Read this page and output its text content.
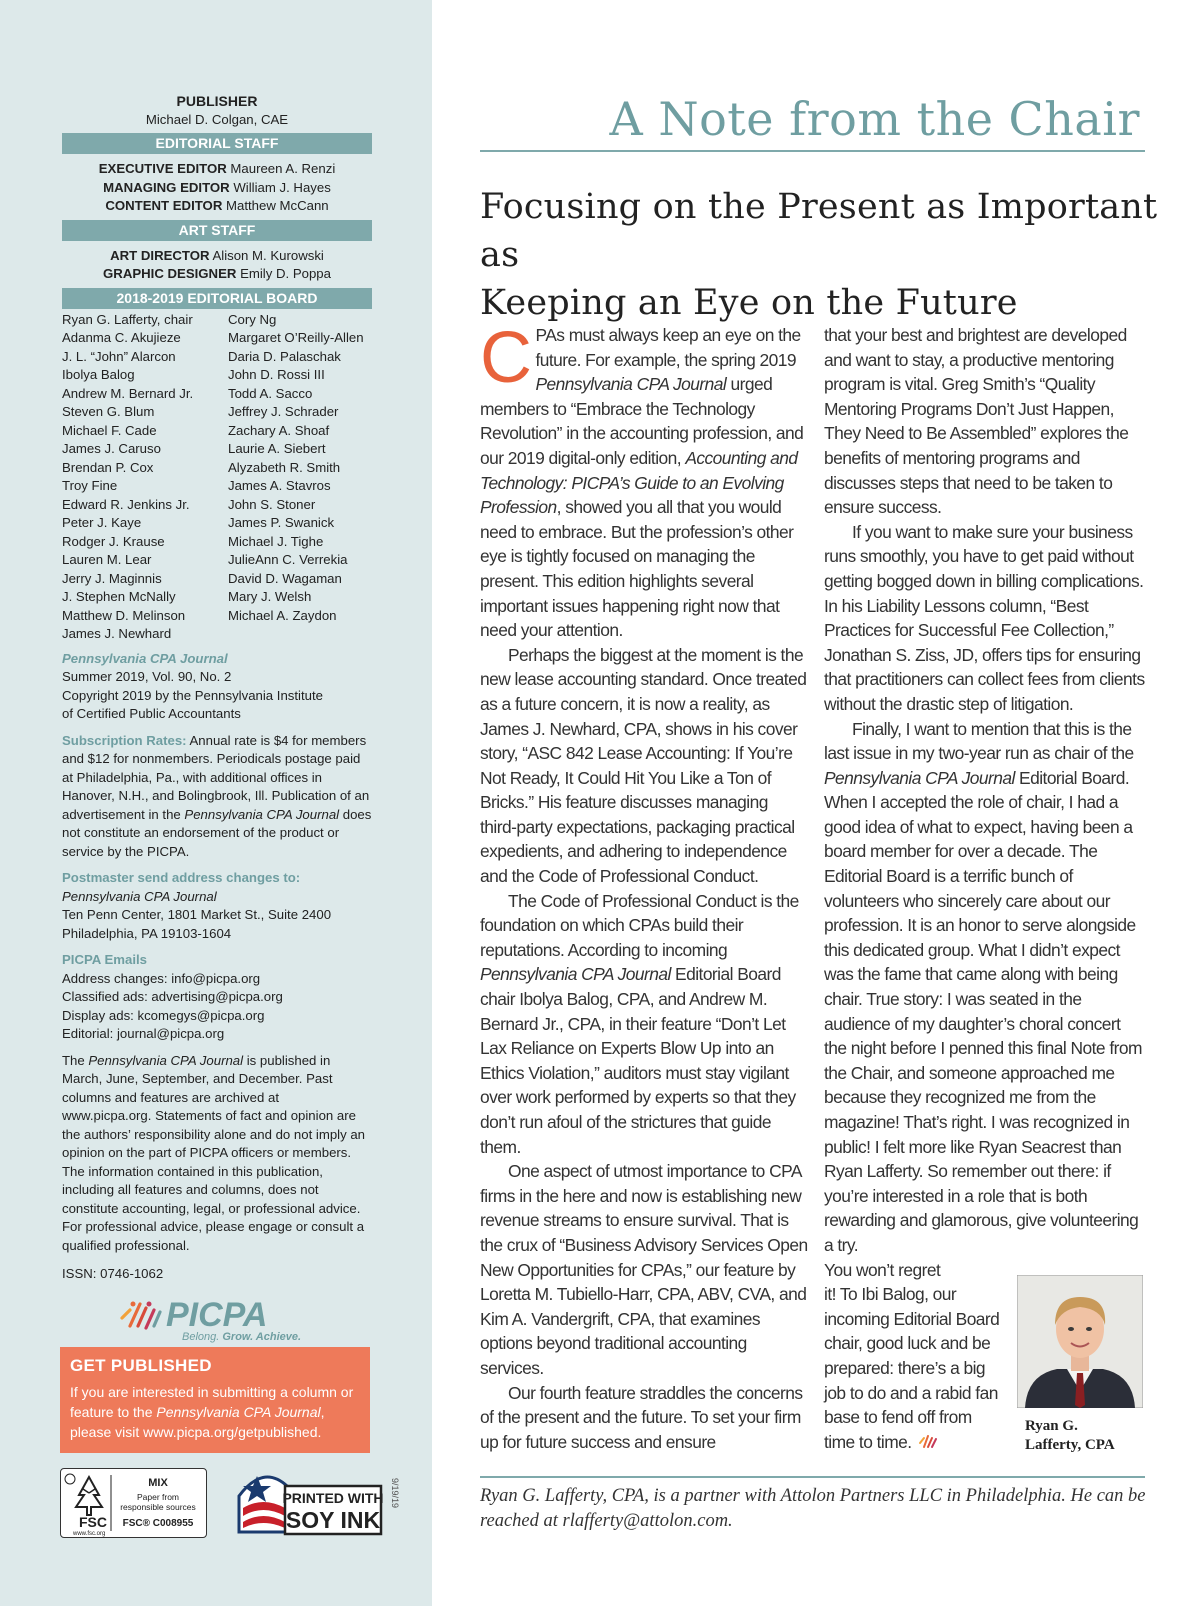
PUBLISHER
Michael D. Colgan, CAE
EDITORIAL STAFF
EXECUTIVE EDITOR Maureen A. Renzi
MANAGING EDITOR William J. Hayes
CONTENT EDITOR Matthew McCann
ART STAFF
ART DIRECTOR Alison M. Kurowski
GRAPHIC DESIGNER Emily D. Poppa
2018-2019 EDITORIAL BOARD
Ryan G. Lafferty, chair
Adanma C. Akujieze
J. L. “John” Alarcon
Ibolya Balog
Andrew M. Bernard Jr.
Steven G. Blum
Michael F. Cade
James J. Caruso
Brendan P. Cox
Troy Fine
Edward R. Jenkins Jr.
Peter J. Kaye
Rodger J. Krause
Lauren M. Lear
Jerry J. Maginnis
J. Stephen McNally
Matthew D. Melinson
James J. Newhard
Cory Ng
Margaret O’Reilly-Allen
Daria D. Palaschak
John D. Rossi III
Todd A. Sacco
Jeffrey J. Schrader
Zachary A. Shoaf
Laurie A. Siebert
Alyzabeth R. Smith
James A. Stavros
John S. Stoner
James P. Swanick
Michael J. Tighe
JulieAnn C. Verrekia
David D. Wagaman
Mary J. Welsh
Michael A. Zaydon
Pennsylvania CPA Journal
Summer 2019, Vol. 90, No. 2
Copyright 2019 by the Pennsylvania Institute
of Certified Public Accountants
Subscription Rates: Annual rate is $4 for members and $12 for nonmembers. Periodicals postage paid at Philadelphia, Pa., with additional offices in Hanover, N.H., and Bolingbrook, Ill. Publication of an advertisement in the Pennsylvania CPA Journal does not constitute an endorsement of the product or service by the PICPA.
Postmaster send address changes to:
Pennsylvania CPA Journal
Ten Penn Center, 1801 Market St., Suite 2400
Philadelphia, PA 19103-1604
PICPA Emails
Address changes: info@picpa.org
Classified ads: advertising@picpa.org
Display ads: kcomegys@picpa.org
Editorial: journal@picpa.org
The Pennsylvania CPA Journal is published in March, June, September, and December. Past columns and features are archived at www.picpa.org. Statements of fact and opinion are the authors’ responsibility alone and do not imply an opinion on the part of PICPA officers or members. The information contained in this publication, including all features and columns, does not constitute accounting, legal, or professional advice. For professional advice, please engage or consult a qualified professional.
ISSN: 0746-1062
PICPA
Belong. Grow. Achieve.
GET PUBLISHED
If you are interested in submitting a column or feature to the Pennsylvania CPA Journal, please visit www.picpa.org/getpublished.
FSC
www.fsc.org
MIX
Paper from
responsible sources
FSC® C008955
PRINTED WITH
SOY INK
9/19/19
A Note from the Chair
Focusing on the Present as Important as
Keeping an Eye on the Future

C PAs must always keep an eye on the future. For example, the spring 2019 Pennsylvania CPA Journal urged members to “Embrace the Technology Revolution” in the accounting profession, and our 2019 digital-only edition, Accounting and Technology: PICPA’s Guide to an Evolving Profession, showed you all that you would need to embrace. But the profession’s other eye is tightly focused on managing the present. This edition highlights several important issues happening right now that need your attention.

Perhaps the biggest at the moment is the new lease accounting standard. Once treated as a future concern, it is now a reality, as James J. Newhard, CPA, shows in his cover story, “ASC 842 Lease Accounting: If You’re Not Ready, It Could Hit You Like a Ton of Bricks.” His feature discusses managing third-party expectations, packaging practical expedients, and adhering to independence and the Code of Professional Conduct.

The Code of Professional Conduct is the foundation on which CPAs build their reputations. According to incoming Pennsylvania CPA Journal Editorial Board chair Ibolya Balog, CPA, and Andrew M. Bernard Jr., CPA, in their feature “Don’t Let Lax Reliance on Experts Blow Up into an Ethics Violation,” auditors must stay vigilant over work performed by experts so that they don’t run afoul of the strictures that guide them.

One aspect of utmost importance to CPA firms in the here and now is establishing new revenue streams to ensure survival. That is the crux of “Business Advisory Services Open New Opportunities for CPAs,” our feature by Loretta M. Tubiello-Harr, CPA, ABV, CVA, and Kim A. Vandergrift, CPA, that examines options beyond traditional accounting services.

Our fourth feature straddles the concerns of the present and the future. To set your firm up for future success and ensure

that your best and brightest are developed and want to stay, a productive mentoring program is vital. Greg Smith’s “Quality Mentoring Programs Don’t Just Happen, They Need to Be Assembled” explores the benefits of mentoring programs and discusses steps that need to be taken to ensure success.

If you want to make sure your business runs smoothly, you have to get paid without getting bogged down in billing complications. In his Liability Lessons column, “Best Practices for Successful Fee Collection,” Jonathan S. Ziss, JD, offers tips for ensuring that practitioners can collect fees from clients without the drastic step of litigation.

Finally, I want to mention that this is the last issue in my two-year run as chair of the Pennsylvania CPA Journal Editorial Board. When I accepted the role of chair, I had a good idea of what to expect, having been a board member for over a decade. The Editorial Board is a terrific bunch of volunteers who sincerely care about our profession. It is an honor to serve alongside this dedicated group. What I didn’t expect was the fame that came along with being chair. True story: I was seated in the audience of my daughter’s choral concert the night before I penned this final Note from the Chair, and someone approached me because they recognized me from the magazine! That’s right. I was recognized in public! I felt more like Ryan Seacrest than Ryan Lafferty. So remember out there: if you’re interested in a role that is both rewarding and glamorous, give volunteering a try.

You won’t regret
it! To Ibi Balog, our
incoming Editorial Board
chair, good luck and be
prepared: there’s a big
job to do and a rabid fan
base to fend off from
time to time.
Ryan G.
Lafferty, CPA
Ryan G. Lafferty, CPA, is a partner with Attolon Partners LLC in Philadelphia. He can be reached at rlafferty@attolon.com.
